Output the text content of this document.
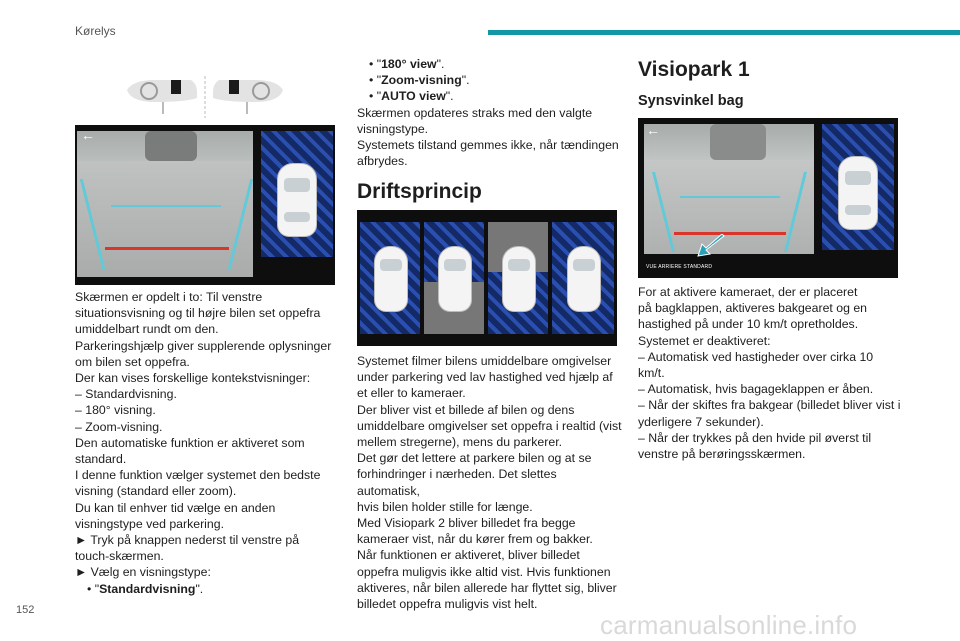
Kørelys
←

Skærmen er opdelt i to: Til venstre

situationsvisning og til højre bilen set oppefra

umiddelbart rundt om den.

Parkeringshjælp giver supplerende oplysninger

om bilen set oppefra.

Der kan vises forskellige kontekstvisninger:

– Standardvisning.

– 180° visning.

– Zoom-visning.

Den automatiske funktion er aktiveret som

standard.

I denne funktion vælger systemet den bedste

visning (standard eller zoom).

Du kan til enhver tid vælge en anden

visningstype ved parkering.

► Tryk på knappen nederst til venstre på

touch-skærmen.

► Vælg en visningstype:

• "Standardvisning".

• "180° view".

• "Zoom-visning".

• "AUTO view".

Skærmen opdateres straks med den valgte

visningstype.

Systemets tilstand gemmes ikke, når tændingen

afbrydes.

Driftsprincip

Systemet filmer bilens umiddelbare omgivelser

under parkering ved lav hastighed ved hjælp af

et eller to kameraer.

Der bliver vist et billede af bilen og dens

umiddelbare omgivelser set oppefra i realtid (vist

mellem stregerne), mens du parkerer.

Det gør det lettere at parkere bilen og at se

forhindringer i nærheden. Det slettes automatisk,

hvis bilen holder stille for længe.

Med Visiopark 2 bliver billedet fra begge

kameraer vist, når du kører frem og bakker.

Når funktionen er aktiveret, bliver billedet

oppefra muligvis ikke altid vist. Hvis funktionen

aktiveres, når bilen allerede har flyttet sig, bliver

billedet oppefra muligvis vist helt.

Visiopark 1
Synsvinkel bag
←
VUE ARRIERE STANDARD

For at aktivere kameraet, der er placeret

på bagklappen, aktiveres bakgearet og en

hastighed på under 10 km/t opretholdes.

Systemet er deaktiveret:

– Automatisk ved hastigheder over cirka 10

km/t.

– Automatisk, hvis bagageklappen er åben.

– Når der skiftes fra bakgear (billedet bliver vist i

yderligere 7 sekunder).

– Når der trykkes på den hvide pil øverst til

venstre på berøringsskærmen.

152	carmanualsonline.info
